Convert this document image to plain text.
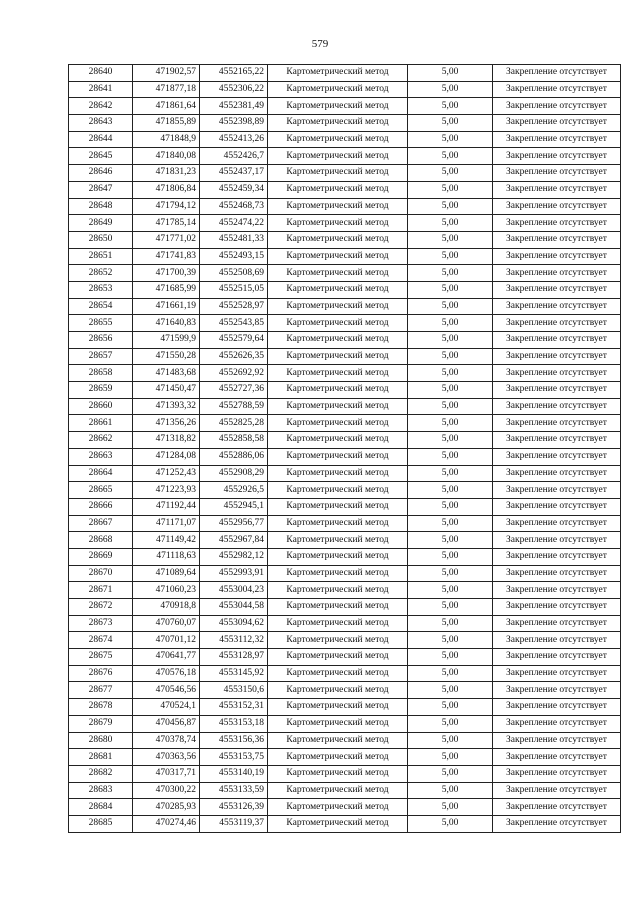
579
28640	471902,57	4552165,22	Картометрический метод	5,00	Закрепление отсутствует
28641	471877,18	4552306,22	Картометрический метод	5,00	Закрепление отсутствует
28642	471861,64	4552381,49	Картометрический метод	5,00	Закрепление отсутствует
28643	471855,89	4552398,89	Картометрический метод	5,00	Закрепление отсутствует
28644	471848,9	4552413,26	Картометрический метод	5,00	Закрепление отсутствует
28645	471840,08	4552426,7	Картометрический метод	5,00	Закрепление отсутствует
28646	471831,23	4552437,17	Картометрический метод	5,00	Закрепление отсутствует
28647	471806,84	4552459,34	Картометрический метод	5,00	Закрепление отсутствует
28648	471794,12	4552468,73	Картометрический метод	5,00	Закрепление отсутствует
28649	471785,14	4552474,22	Картометрический метод	5,00	Закрепление отсутствует
28650	471771,02	4552481,33	Картометрический метод	5,00	Закрепление отсутствует
28651	471741,83	4552493,15	Картометрический метод	5,00	Закрепление отсутствует
28652	471700,39	4552508,69	Картометрический метод	5,00	Закрепление отсутствует
28653	471685,99	4552515,05	Картометрический метод	5,00	Закрепление отсутствует
28654	471661,19	4552528,97	Картометрический метод	5,00	Закрепление отсутствует
28655	471640,83	4552543,85	Картометрический метод	5,00	Закрепление отсутствует
28656	471599,9	4552579,64	Картометрический метод	5,00	Закрепление отсутствует
28657	471550,28	4552626,35	Картометрический метод	5,00	Закрепление отсутствует
28658	471483,68	4552692,92	Картометрический метод	5,00	Закрепление отсутствует
28659	471450,47	4552727,36	Картометрический метод	5,00	Закрепление отсутствует
28660	471393,32	4552788,59	Картометрический метод	5,00	Закрепление отсутствует
28661	471356,26	4552825,28	Картометрический метод	5,00	Закрепление отсутствует
28662	471318,82	4552858,58	Картометрический метод	5,00	Закрепление отсутствует
28663	471284,08	4552886,06	Картометрический метод	5,00	Закрепление отсутствует
28664	471252,43	4552908,29	Картометрический метод	5,00	Закрепление отсутствует
28665	471223,93	4552926,5	Картометрический метод	5,00	Закрепление отсутствует
28666	471192,44	4552945,1	Картометрический метод	5,00	Закрепление отсутствует
28667	471171,07	4552956,77	Картометрический метод	5,00	Закрепление отсутствует
28668	471149,42	4552967,84	Картометрический метод	5,00	Закрепление отсутствует
28669	471118,63	4552982,12	Картометрический метод	5,00	Закрепление отсутствует
28670	471089,64	4552993,91	Картометрический метод	5,00	Закрепление отсутствует
28671	471060,23	4553004,23	Картометрический метод	5,00	Закрепление отсутствует
28672	470918,8	4553044,58	Картометрический метод	5,00	Закрепление отсутствует
28673	470760,07	4553094,62	Картометрический метод	5,00	Закрепление отсутствует
28674	470701,12	4553112,32	Картометрический метод	5,00	Закрепление отсутствует
28675	470641,77	4553128,97	Картометрический метод	5,00	Закрепление отсутствует
28676	470576,18	4553145,92	Картометрический метод	5,00	Закрепление отсутствует
28677	470546,56	4553150,6	Картометрический метод	5,00	Закрепление отсутствует
28678	470524,1	4553152,31	Картометрический метод	5,00	Закрепление отсутствует
28679	470456,87	4553153,18	Картометрический метод	5,00	Закрепление отсутствует
28680	470378,74	4553156,36	Картометрический метод	5,00	Закрепление отсутствует
28681	470363,56	4553153,75	Картометрический метод	5,00	Закрепление отсутствует
28682	470317,71	4553140,19	Картометрический метод	5,00	Закрепление отсутствует
28683	470300,22	4553133,59	Картометрический метод	5,00	Закрепление отсутствует
28684	470285,93	4553126,39	Картометрический метод	5,00	Закрепление отсутствует
28685	470274,46	4553119,37	Картометрический метод	5,00	Закрепление отсутствует
